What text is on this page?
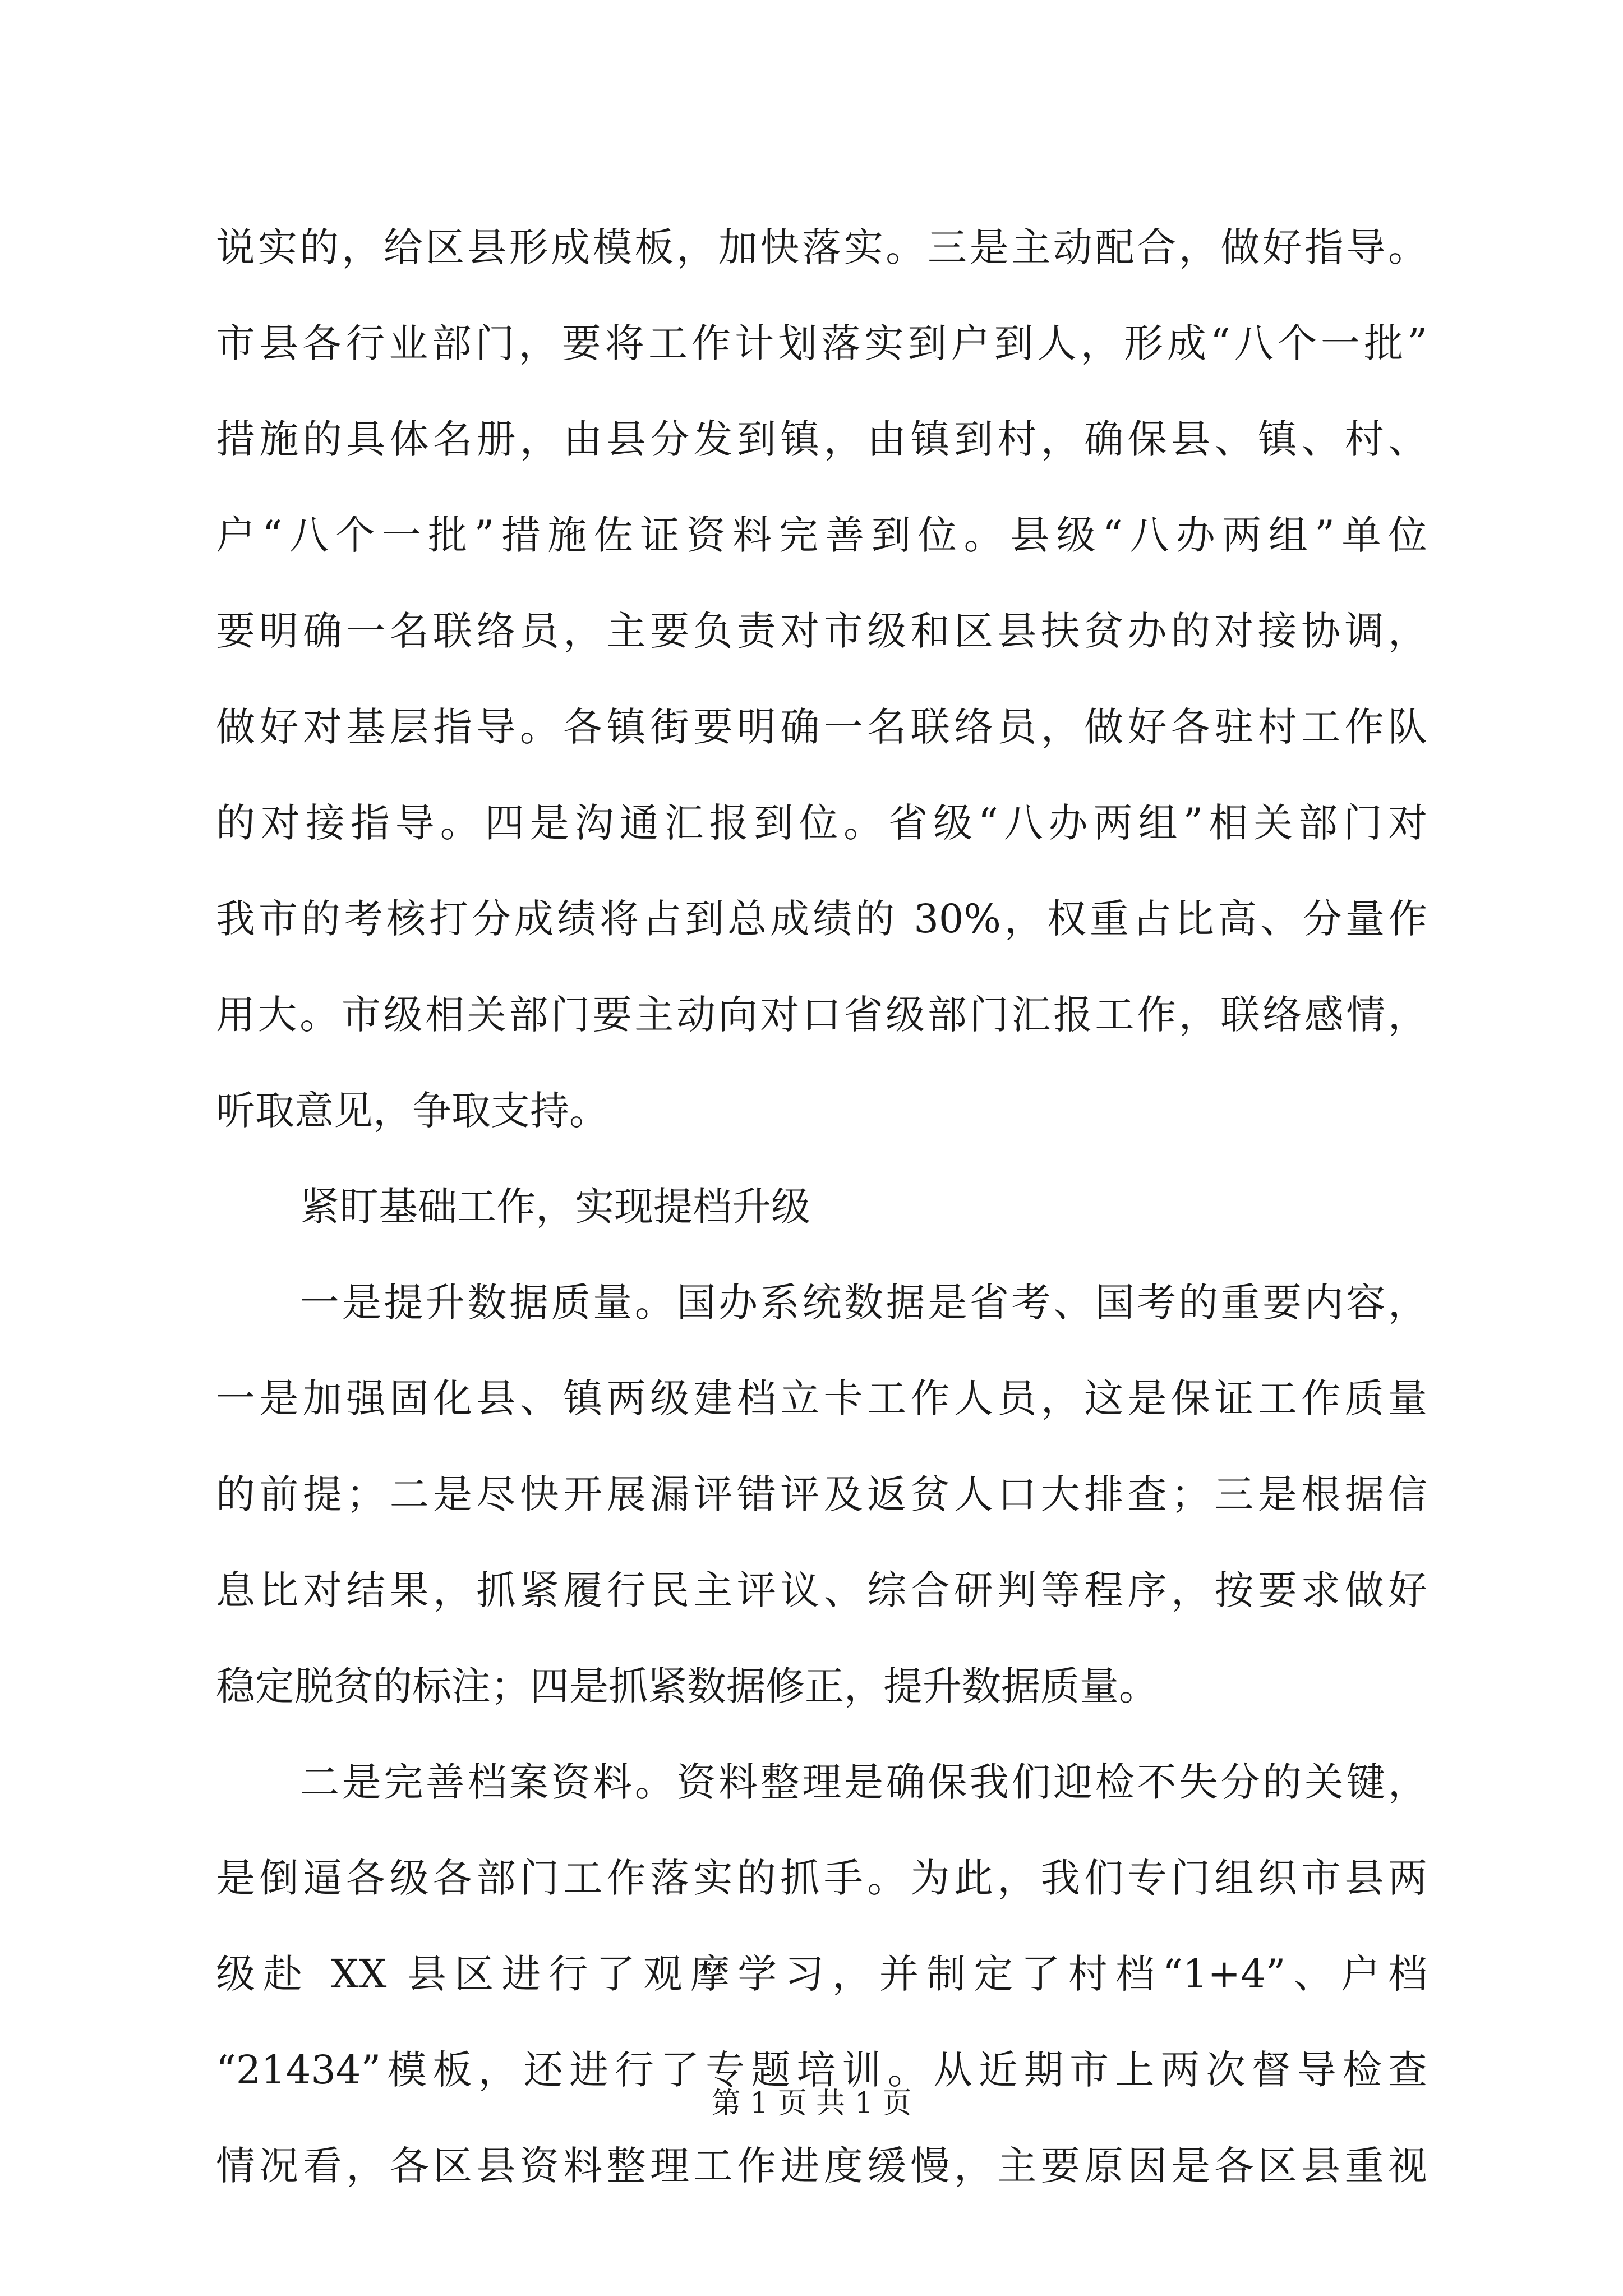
说实的，给区县形成模板，加快落实。三是主动配合，做好指导。
市县各行业部门，要将工作计划落实到户到人，形成“八个一批”
措施的具体名册，由县分发到镇，由镇到村，确保县、镇、村、
户“八个一批”措施佐证资料完善到位。县级“八办两组”单位
要明确一名联络员，主要负责对市级和区县扶贫办的对接协调，
做好对基层指导。各镇街要明确一名联络员，做好各驻村工作队
的对接指导。四是沟通汇报到位。省级“八办两组”相关部门对
我市的考核打分成绩将占到总成绩的 30%，权重占比高、分量作
用大。市级相关部门要主动向对口省级部门汇报工作，联络感情，
听取意见，争取支持。
紧盯基础工作，实现提档升级
一是提升数据质量。国办系统数据是省考、国考的重要内容，
一是加强固化县、镇两级建档立卡工作人员，这是保证工作质量
的前提；二是尽快开展漏评错评及返贫人口大排查；三是根据信
息比对结果，抓紧履行民主评议、综合研判等程序，按要求做好
稳定脱贫的标注；四是抓紧数据修正，提升数据质量。
二是完善档案资料。资料整理是确保我们迎检不失分的关键，
是倒逼各级各部门工作落实的抓手。为此，我们专门组织市县两
级赴 XX 县区进行了观摩学习，并制定了村档“1+4”、户档
“21434”模板，还进行了专题培训。从近期市上两次督导检查
情况看，各区县资料整理工作进度缓慢，主要原因是各区县重视
第 1 页 共 1 页
